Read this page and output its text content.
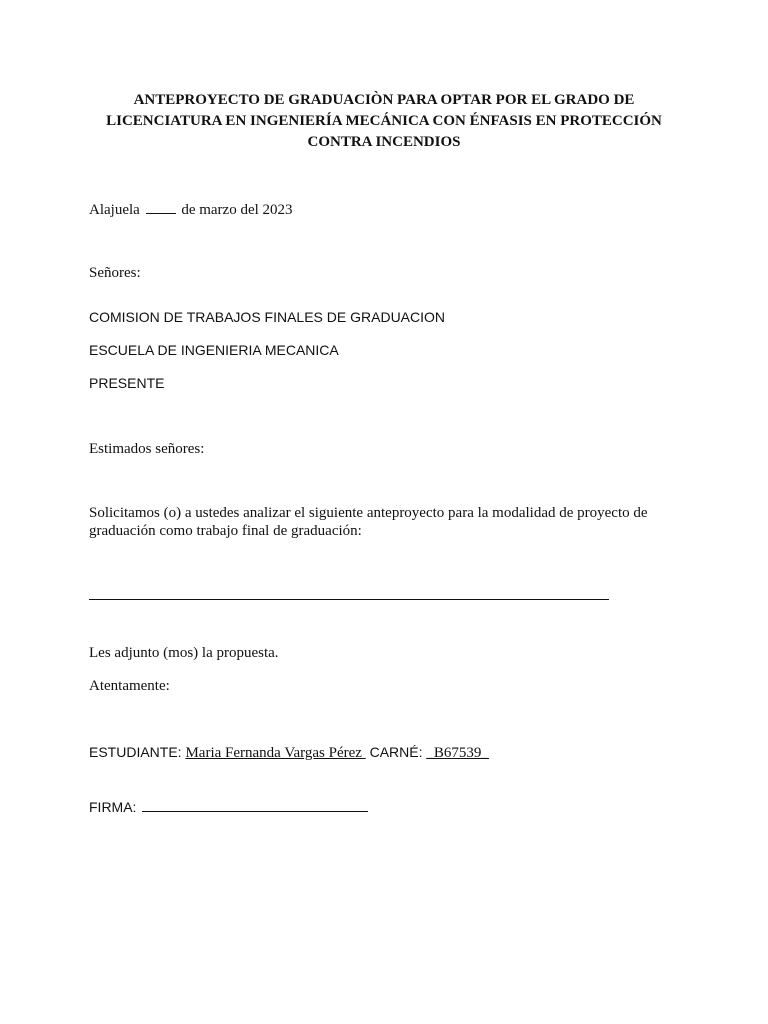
ANTEPROYECTO DE GRADUACIÒN PARA OPTAR POR EL GRADO DE
LICENCIATURA EN INGENIERÍA MECÁNICA CON ÉNFASIS EN PROTECCIÓN
CONTRA INCENDIOS
Alajuela	de marzo del 2023
Señores:
COMISION DE TRABAJOS FINALES DE GRADUACION
ESCUELA DE INGENIERIA MECANICA
PRESENTE
Estimados señores:
Solicitamos (o) a ustedes analizar el siguiente anteproyecto para la modalidad de proyecto de graduación como trabajo final de graduación:
Les adjunto (mos) la propuesta.
Atentamente:
ESTUDIANTE: Maria Fernanda Vargas Pérez  CARNÉ: _B67539_
FIRMA:
